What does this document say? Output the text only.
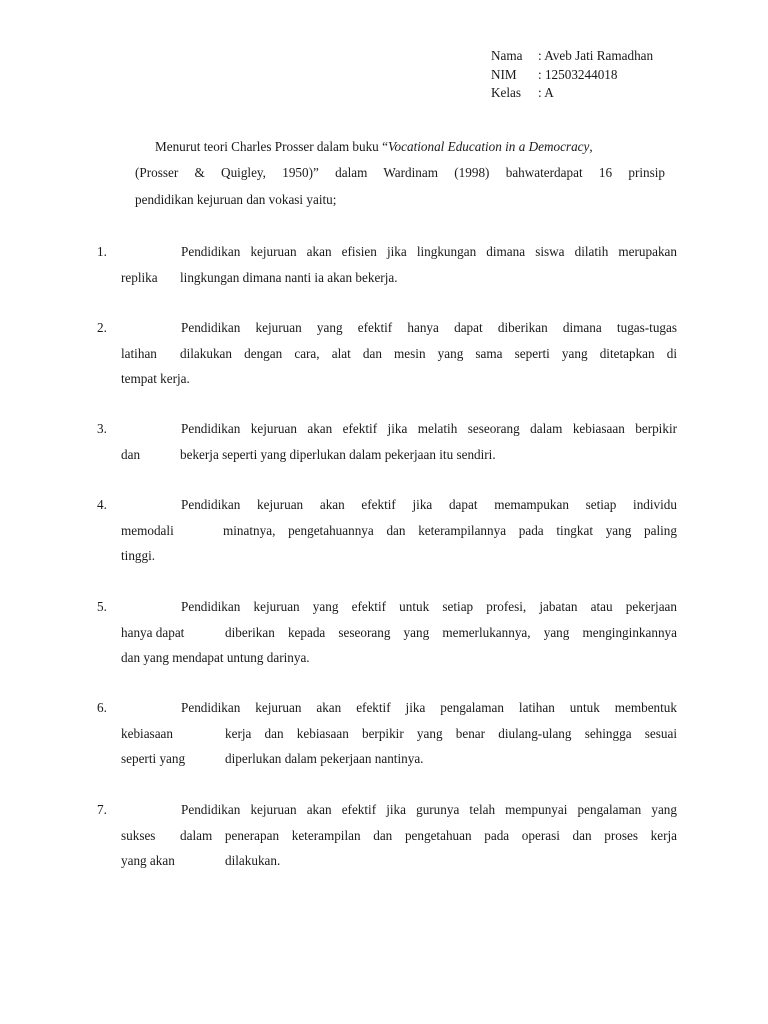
Nama	: Aveb Jati Ramadhan
NIM	: 12503244018
Kelas	: A
Menurut teori Charles Prosser dalam buku “Vocational Education in a Democracy,
(Prosser & Quigley, 1950)” dalam Wardinam (1998) bahwaterdapat 16 prinsip
pendidikan kejuruan dan vokasi yaitu;
1.	Pendidikan kejuruan akan efisien jika lingkungan dimana siswa dilatih merupakan
replika lingkungan dimana nanti ia akan bekerja.
2.	Pendidikan kejuruan yang efektif hanya dapat diberikan dimana tugas-tugas
latihan dilakukan dengan cara, alat dan mesin yang sama seperti yang ditetapkan di
tempat kerja.
3.	Pendidikan kejuruan akan efektif jika melatih seseorang dalam kebiasaan berpikir
dan	bekerja seperti yang diperlukan dalam pekerjaan itu sendiri.
4.	Pendidikan kejuruan akan efektif jika dapat memampukan setiap individu
memodali	minatnya, pengetahuannya dan keterampilannya pada tingkat yang paling
tinggi.
5.	Pendidikan kejuruan yang efektif untuk setiap profesi, jabatan atau pekerjaan
hanya dapat	diberikan kepada seseorang yang memerlukannya, yang menginginkannya
dan yang mendapat untung darinya.
6.	Pendidikan kejuruan akan efektif jika pengalaman latihan untuk membentuk
kebiasaan	kerja dan kebiasaan berpikir yang benar diulang-ulang sehingga sesuai
seperti yang	diperlukan dalam pekerjaan nantinya.
7.	Pendidikan kejuruan akan efektif jika gurunya telah mempunyai pengalaman yang
sukses dalam penerapan keterampilan dan pengetahuan pada operasi dan proses kerja
yang akan	dilakukan.
